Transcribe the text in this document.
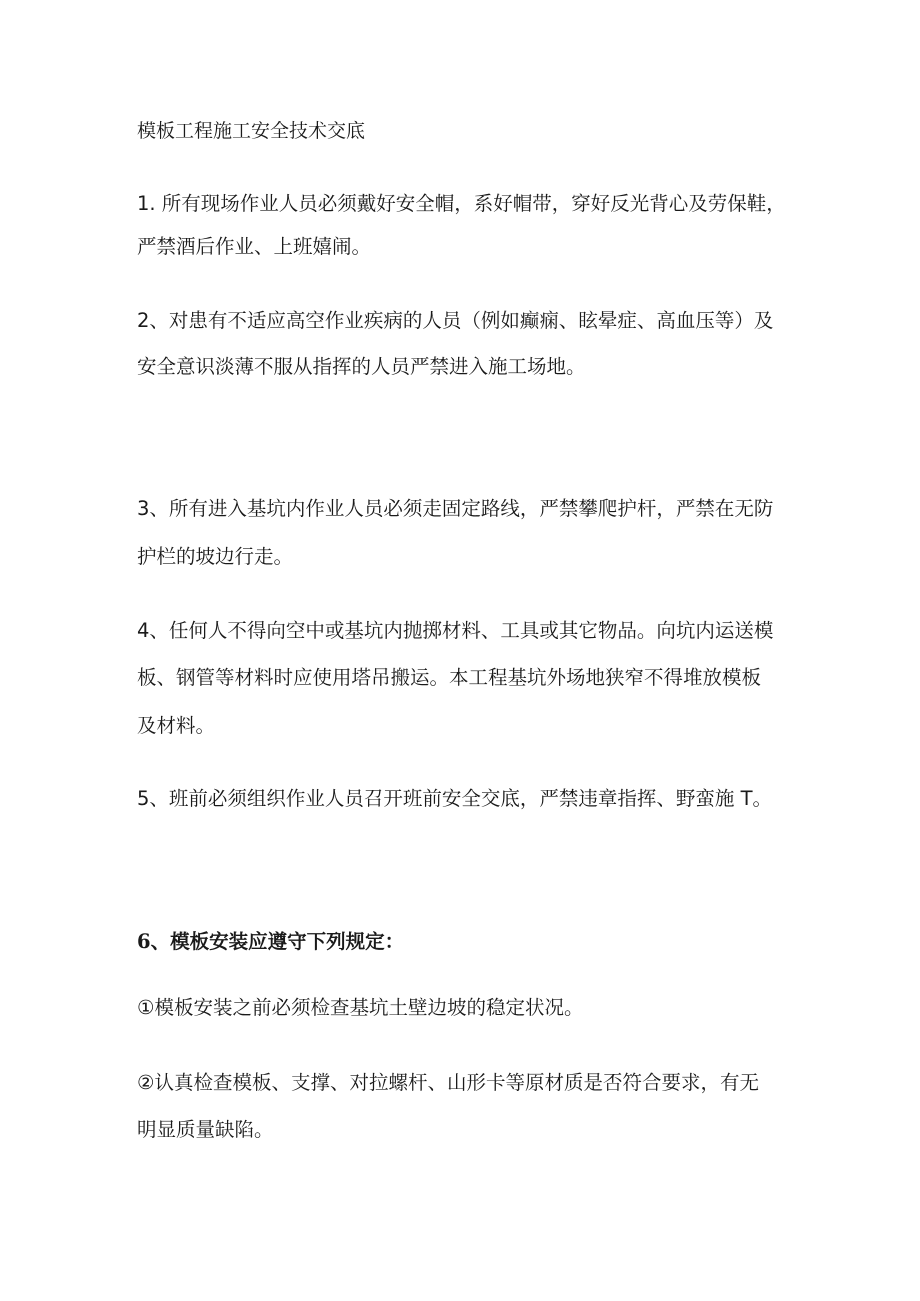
模板工程施工安全技术交底
1. 所有现场作业人员必须戴好安全帽，系好帽带，穿好反光背心及劳保鞋，
严禁酒后作业、上班嬉闹。
2、对患有不适应高空作业疾病的人员（例如癫痫、眩晕症、高血压等）及
安全意识淡薄不服从指挥的人员严禁进入施工场地。
3、所有进入基坑内作业人员必须走固定路线，严禁攀爬护杆，严禁在无防
护栏的坡边行走。
4、任何人不得向空中或基坑内抛掷材料、工具或其它物品。向坑内运送模
板、钢管等材料时应使用塔吊搬运。本工程基坑外场地狭窄不得堆放模板
及材料。
5、班前必须组织作业人员召开班前安全交底，严禁违章指挥、野蛮施 T。
6、模板安装应遵守下列规定：
①模板安装之前必须检查基坑土壁边坡的稳定状况。
②认真检查模板、支撑、对拉螺杆、山形卡等原材质是否符合要求，有无
明显质量缺陷。
